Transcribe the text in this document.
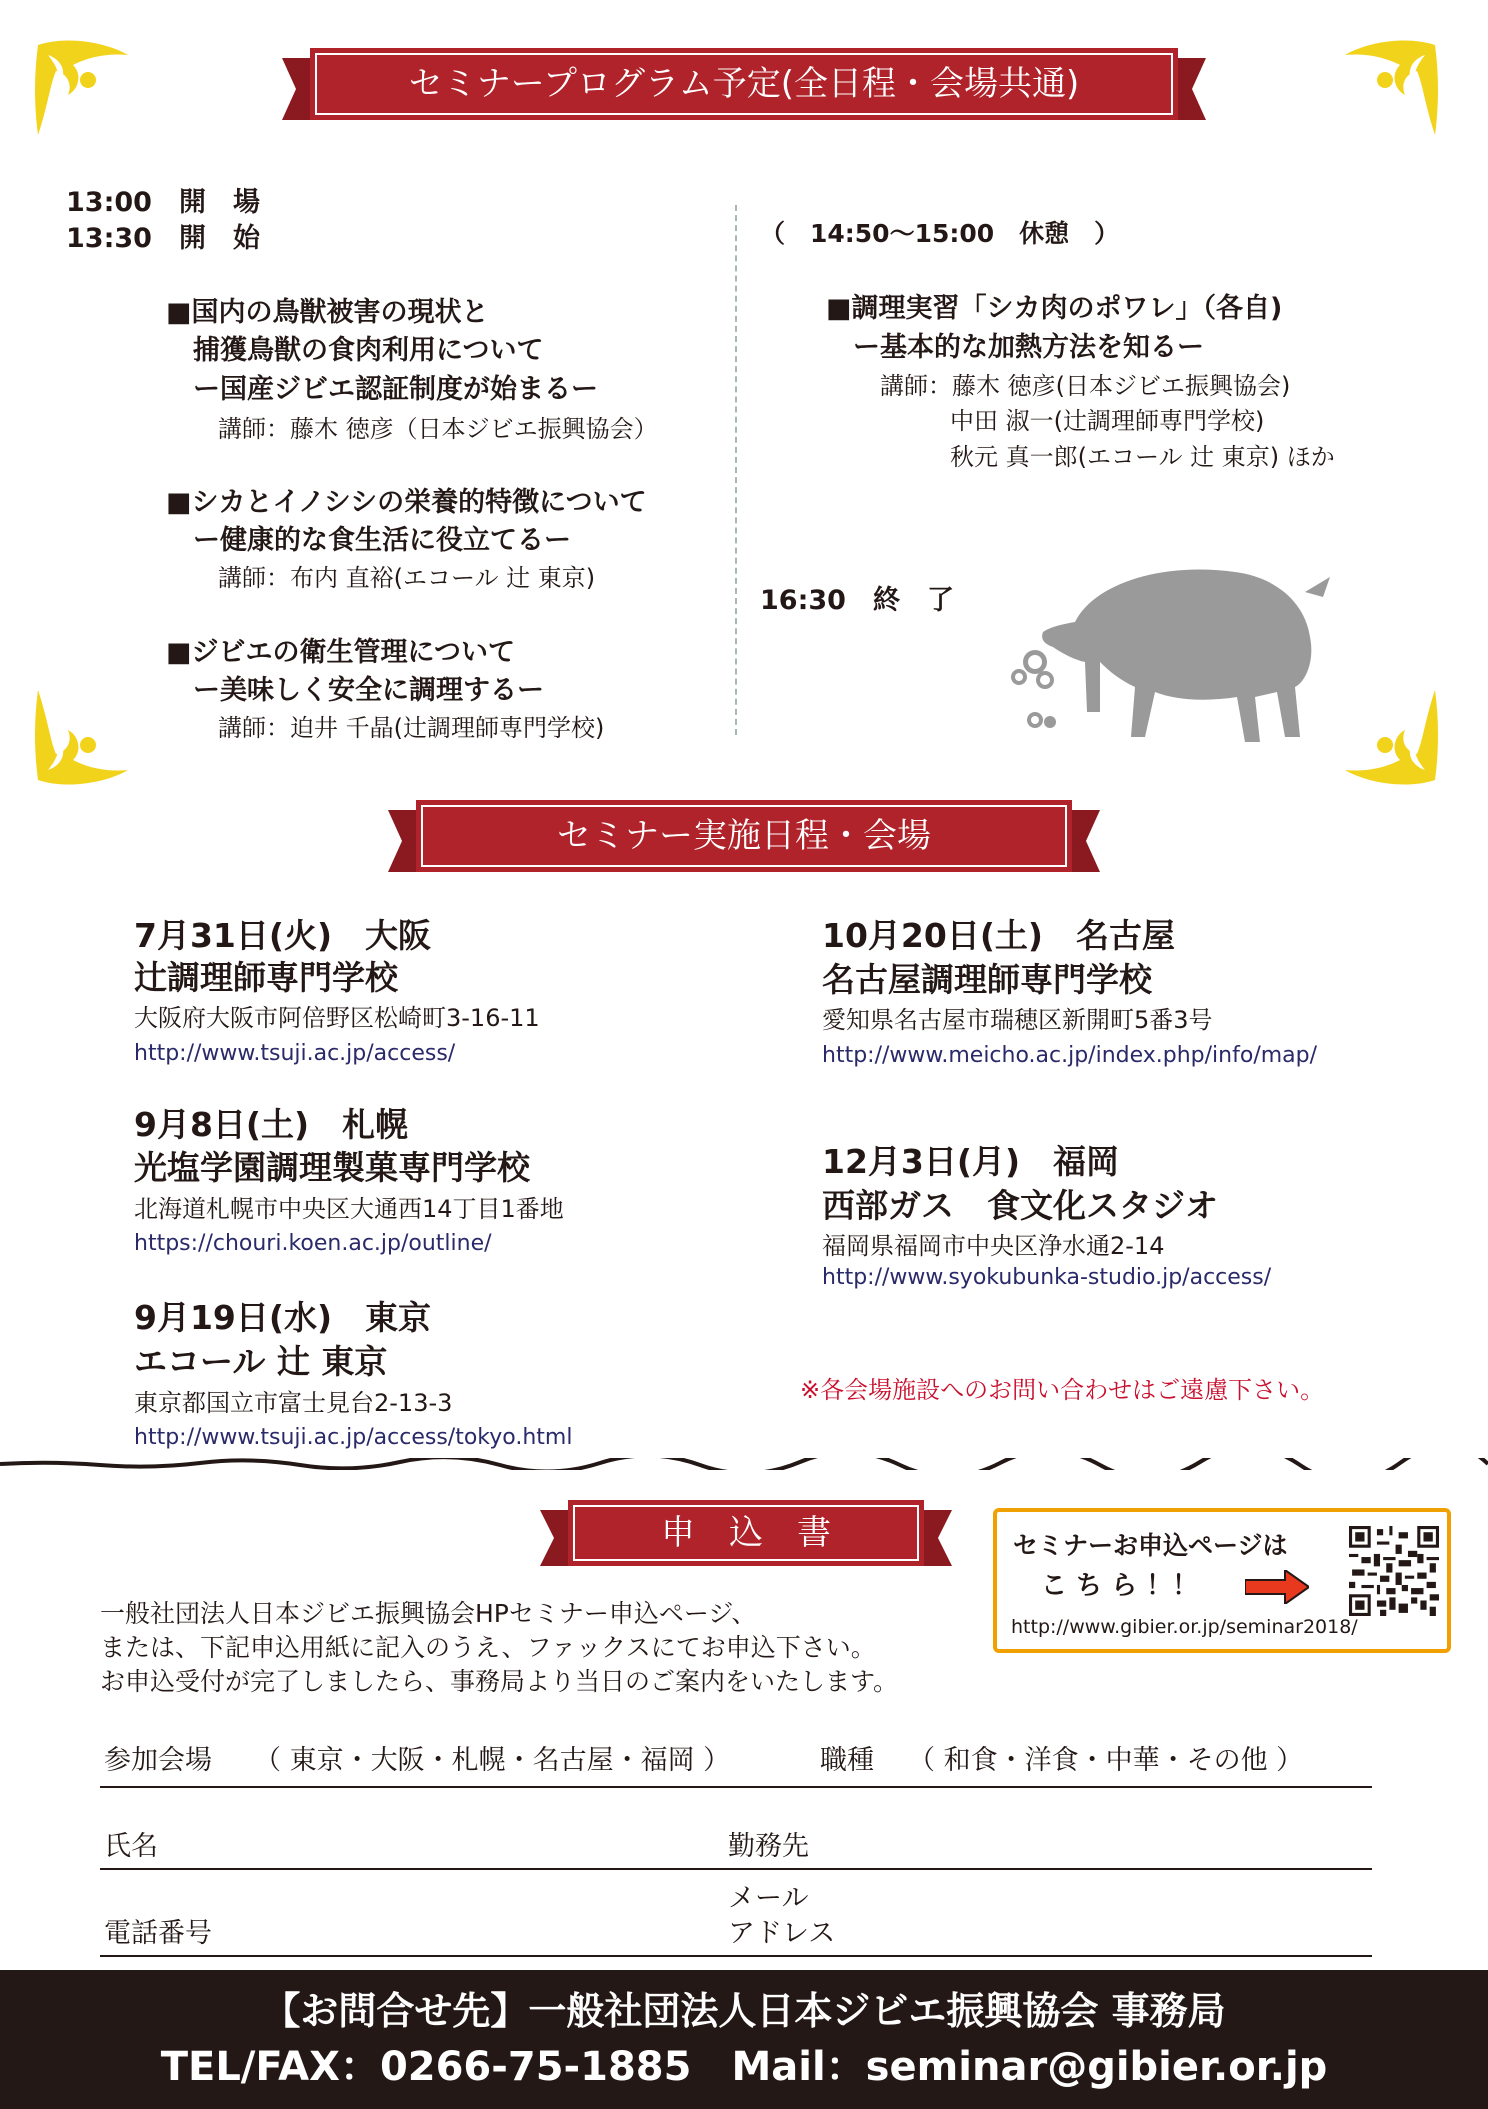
セミナープログラム予定(全日程・会場共通)
13:00　開　場
13:30　開　始
■国内の鳥獣被害の現状と
　捕獲鳥獣の食肉利用について
　ー国産ジビエ認証制度が始まるー
講師：藤木 徳彦（日本ジビエ振興協会）
■シカとイノシシの栄養的特徴について
　ー健康的な食生活に役立てるー
講師：布内 直裕(エコール 辻 東京)
■ジビエの衛生管理について
　ー美味しく安全に調理するー
講師：迫井 千晶(辻調理師専門学校)
（　14:50〜15:00　休憩　）
■調理実習「シカ肉のポワレ」（各自)
　ー基本的な加熱方法を知るー
講師：藤木 徳彦(日本ジビエ振興協会)
中田 淑一(辻調理師専門学校)
秋元 真一郎(エコール 辻 東京) ほか
16:30　終　了
セミナー実施日程・会場
7月31日(火)　大阪
辻調理師専門学校
大阪府大阪市阿倍野区松崎町3-16-11
http://www.tsuji.ac.jp/access/
9月8日(土)　札幌
光塩学園調理製菓専門学校
北海道札幌市中央区大通西14丁目1番地
https://chouri.koen.ac.jp/outline/
9月19日(水)　東京
エコール 辻 東京
東京都国立市富士見台2-13-3
http://www.tsuji.ac.jp/access/tokyo.html
10月20日(土)　名古屋
名古屋調理師専門学校
愛知県名古屋市瑞穂区新開町5番3号
http://www.meicho.ac.jp/index.php/info/map/
12月3日(月)　福岡
西部ガス　食文化スタジオ
福岡県福岡市中央区浄水通2-14
http://www.syokubunka-studio.jp/access/
※各会場施設へのお問い合わせはご遠慮下さい。
申　込　書
一般社団法人日本ジビエ振興協会HPセミナー申込ページ、
または、下記申込用紙に記入のうえ、ファックスにてお申込下さい。
お申込受付が完了しましたら、事務局より当日のご案内をいたします。
セミナーお申込ページは
こ ち ら ！！
http://www.gibier.or.jp/seminar2018/
参加会場 （ 東京・大阪・札幌・名古屋・福岡 ）	職種 （ 和食・洋食・中華・その他 ）
氏名	勤務先
メール
電話番号	アドレス
【お問合せ先】一般社団法人日本ジビエ振興協会 事務局
TEL/FAX：0266-75-1885　Mail：seminar@gibier.or.jp
